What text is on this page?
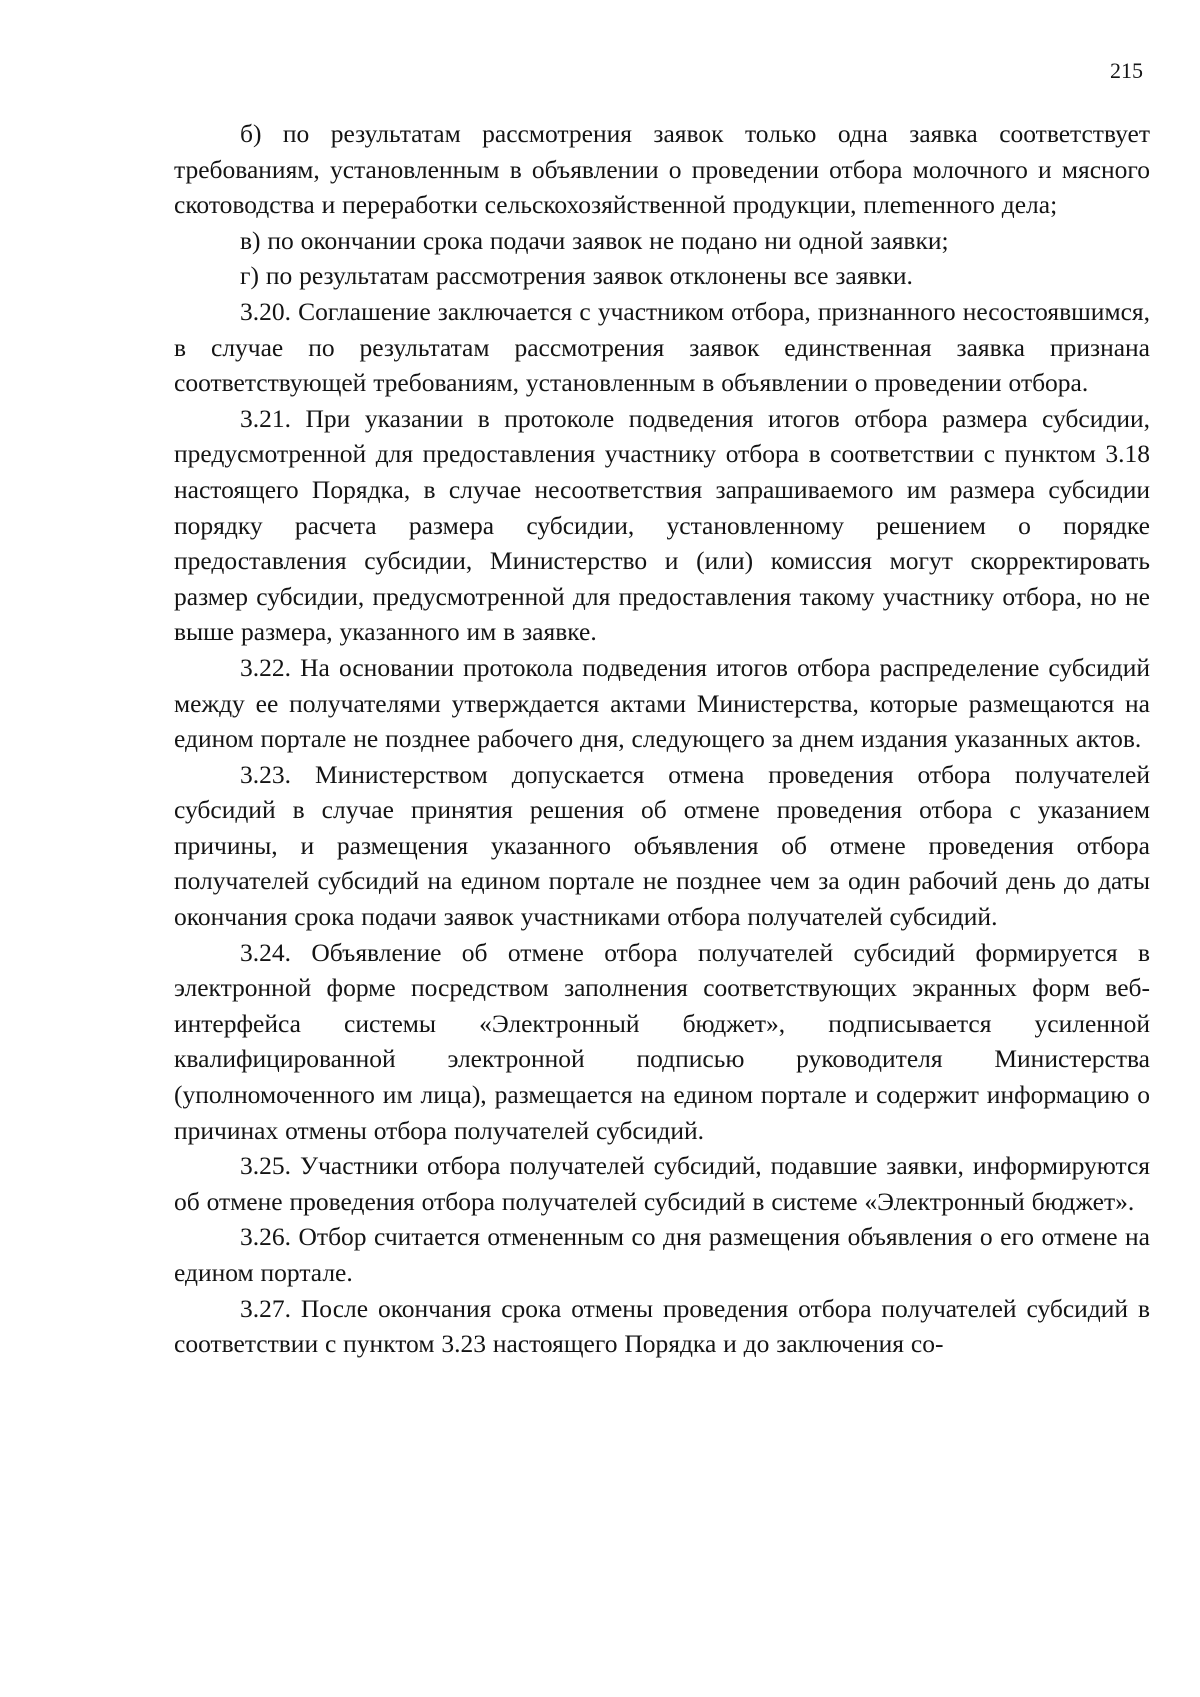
215

б) по результатам рассмотрения заявок только одна заявка соответствует требованиям, установленным в объявлении о проведении отбора молочного и мясного скотоводства и переработки сельскохозяйственной продукции, плеmенного дела;

в) по окончании срока подачи заявок не подано ни одной заявки;

г) по результатам рассмотрения заявок отклонены все заявки.

3.20. Соглашение заключается с участником отбора, признанного несостоявшимся, в случае по результатам рассмотрения заявок единственная заявка признана соответствующей требованиям, установленным в объявлении о проведении отбора.

3.21. При указании в протоколе подведения итогов отбора размера субсидии, предусмотренной для предоставления участнику отбора в соответствии с пунктом 3.18 настоящего Порядка, в случае несоответствия запрашиваемого им размера субсидии порядку расчета размера субсидии, установленному решением о порядке предоставления субсидии, Министерство и (или) комиссия могут скорректировать размер субсидии, предусмотренной для предоставления такому участнику отбора, но не выше размера, указанного им в заявке.

3.22. На основании протокола подведения итогов отбора распределение субсидий между ее получателями утверждается актами Министерства, которые размещаются на едином портале не позднее рабочего дня, следующего за днем издания указанных актов.

3.23. Министерством допускается отмена проведения отбора получателей субсидий в случае принятия решения об отмене проведения отбора с указанием причины, и размещения указанного объявления об отмене проведения отбора получателей субсидий на едином портале не позднее чем за один рабочий день до даты окончания срока подачи заявок участниками отбора получателей субсидий.

3.24. Объявление об отмене отбора получателей субсидий формируется в электронной форме посредством заполнения соответствующих экранных форм веб-интерфейса системы «Электронный бюджет», подписывается усиленной квалифицированной электронной подписью руководителя Министерства (уполномоченного им лица), размещается на едином портале и содержит информацию о причинах отмены отбора получателей субсидий.

3.25. Участники отбора получателей субсидий, подавшие заявки, информируются об отмене проведения отбора получателей субсидий в системе «Электронный бюджет».

3.26. Отбор считается отмененным со дня размещения объявления о его отмене на едином портале.

3.27. После окончания срока отмены проведения отбора получателей субсидий в соответствии с пунктом 3.23 настоящего Порядка и до заключения со-
